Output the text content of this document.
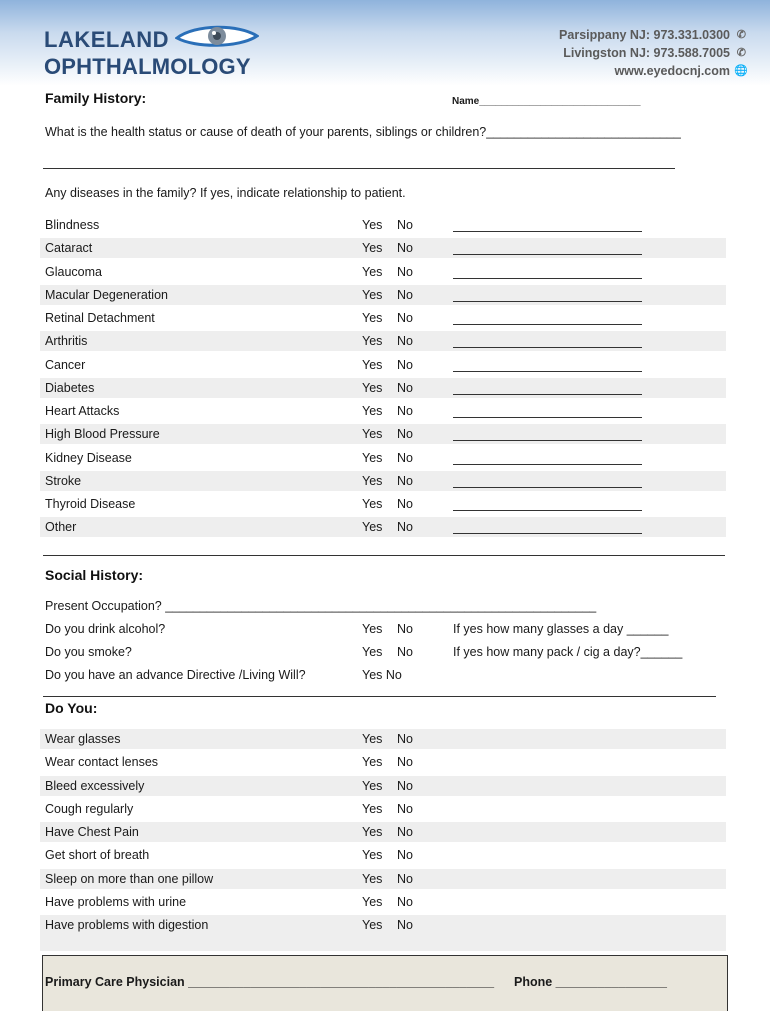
LAKELAND
OPHTHALMOLOGY
Parsippany NJ: 973.331.0300 ✆
Livingston NJ: 973.588.7005 ✆
www.eyedocnj.com 🌐
Family History:	Name_____________________________
What is the health status or cause of death of your parents, siblings or children?____________________________
Any diseases in the family? If yes, indicate relationship to patient.
Blindness	Yes No
Cataract	Yes No
Glaucoma	Yes No
Macular Degeneration	Yes No
Retinal Detachment	Yes No
Arthritis	Yes No
Cancer	Yes No
Diabetes	Yes No
Heart Attacks	Yes No
High Blood Pressure	Yes No
Kidney Disease	Yes No
Stroke	Yes No
Thyroid Disease	Yes No
Other	Yes No
Social History:
Present Occupation? ______________________________________________________________
Do you drink alcohol?	Yes No	If yes how many glasses a day ______
Do you smoke?	Yes No	If yes how many pack / cig a day?______
Do you have an advance Directive /Living Will?	Yes No
Do You:
Wear glasses	Yes No
Wear contact lenses	Yes No
Bleed excessively	Yes No
Cough regularly	Yes No
Have Chest Pain	Yes No
Get short of breath	Yes No
Sleep on more than one pillow	Yes No
Have problems with urine	Yes No
Have problems with digestion	Yes No
Primary Care Physician ____________________________________________ Phone ________________
